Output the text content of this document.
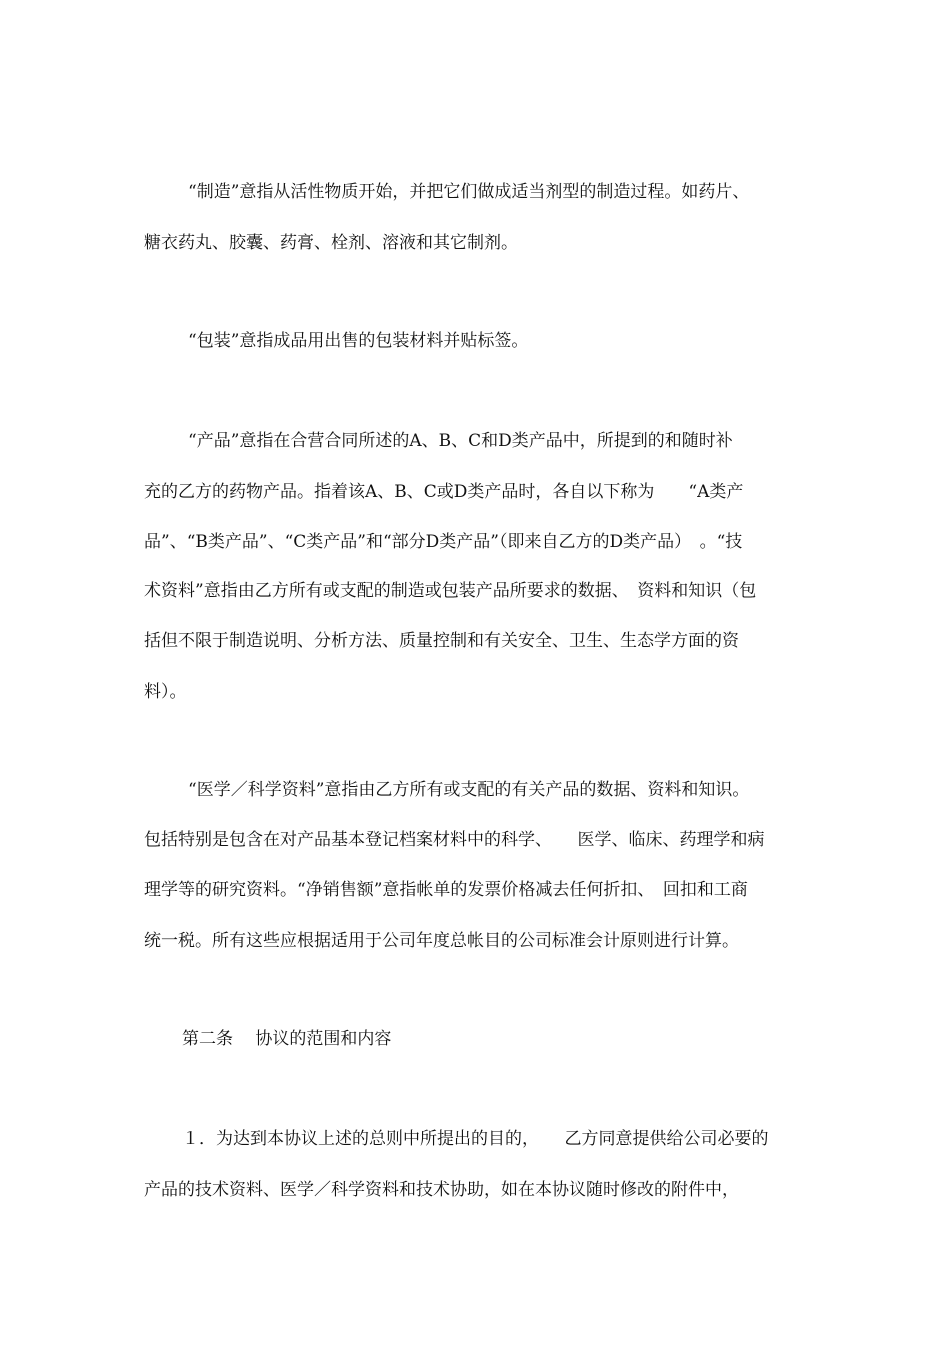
“制造”意指从活性物质开始，并把它们做成适当剂型的制造过程。如药片、
糖衣药丸、胶囊、药膏、栓剂、溶液和其它制剂。
“包装”意指成品用出售的包装材料并贴标签。
“产品”意指在合营合同所述的A、B、C和D类产品中，所提到的和随时补
充的乙方的药物产品。指着该A、B、C或D类产品时，各自以下称为　　“A类产
品”、“B类产品”、“C类产品”和“部分D类产品”（即来自乙方的D类产品）　。“技
术资料”意指由乙方所有或支配的制造或包装产品所要求的数据、　资料和知识（包
括但不限于制造说明、分析方法、质量控制和有关安全、卫生、生态学方面的资
料）。
“医学／科学资料”意指由乙方所有或支配的有关产品的数据、资料和知识。
包括特别是包含在对产品基本登记档案材料中的科学、　　医学、临床、药理学和病
理学等的研究资料。“净销售额”意指帐单的发票价格减去任何折扣、　回扣和工商
统一税。所有这些应根据适用于公司年度总帐目的公司标准会计原则进行计算。
第二条　 协议的范围和内容
１．为达到本协议上述的总则中所提出的目的，　　乙方同意提供给公司必要的
产品的技术资料、医学／科学资料和技术协助，如在本协议随时修改的附件中，
